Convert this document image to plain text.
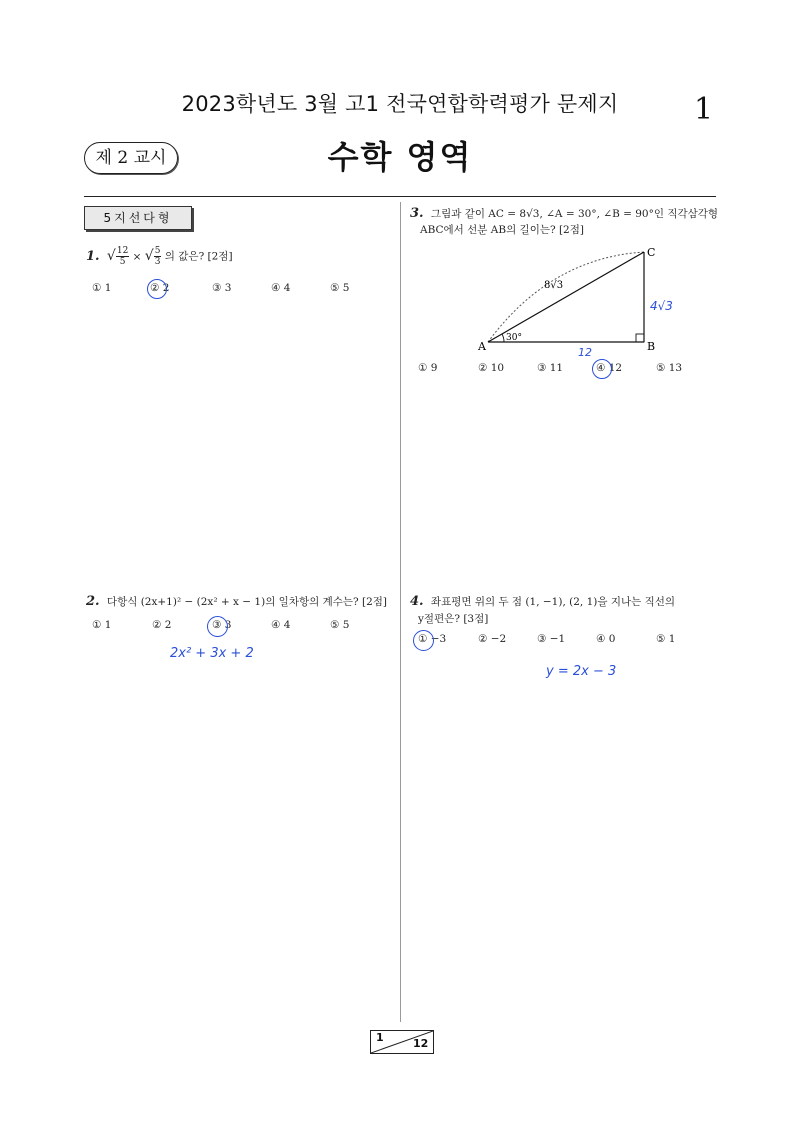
2023학년도 3월 고1 전국연합학력평가 문제지	1
제 2 교시	수학 영역
5지선다형
1. √ $\frac{12}{5}$ × √ $\frac{5}{3}$ 의 값은? [2점]
① 1	② 2	③ 3	④ 4	⑤ 5
2. 다항식 (2x+1)² − (2x² + x − 1)의 일차항의 계수는? [2점]
① 1	② 2	③ 3	④ 4	⑤ 5
2x² + 3x + 2
3. 그림과 같이 AC = 8√3, ∠A = 30°, ∠B = 90°인 직각삼각형
ABC에서 선분 AB의 길이는? [2점]
A	B
C
8√3
30°
4√3
12
① 9	② 10	③ 11	④ 12	⑤ 13
4. 좌표평면 위의 두 점 (1, −1), (2, 1)을 지나는 직선의
y절편은? [3점]
① −3	② −2	③ −1	④ 0	⑤ 1
y = 2x − 3
1	12
